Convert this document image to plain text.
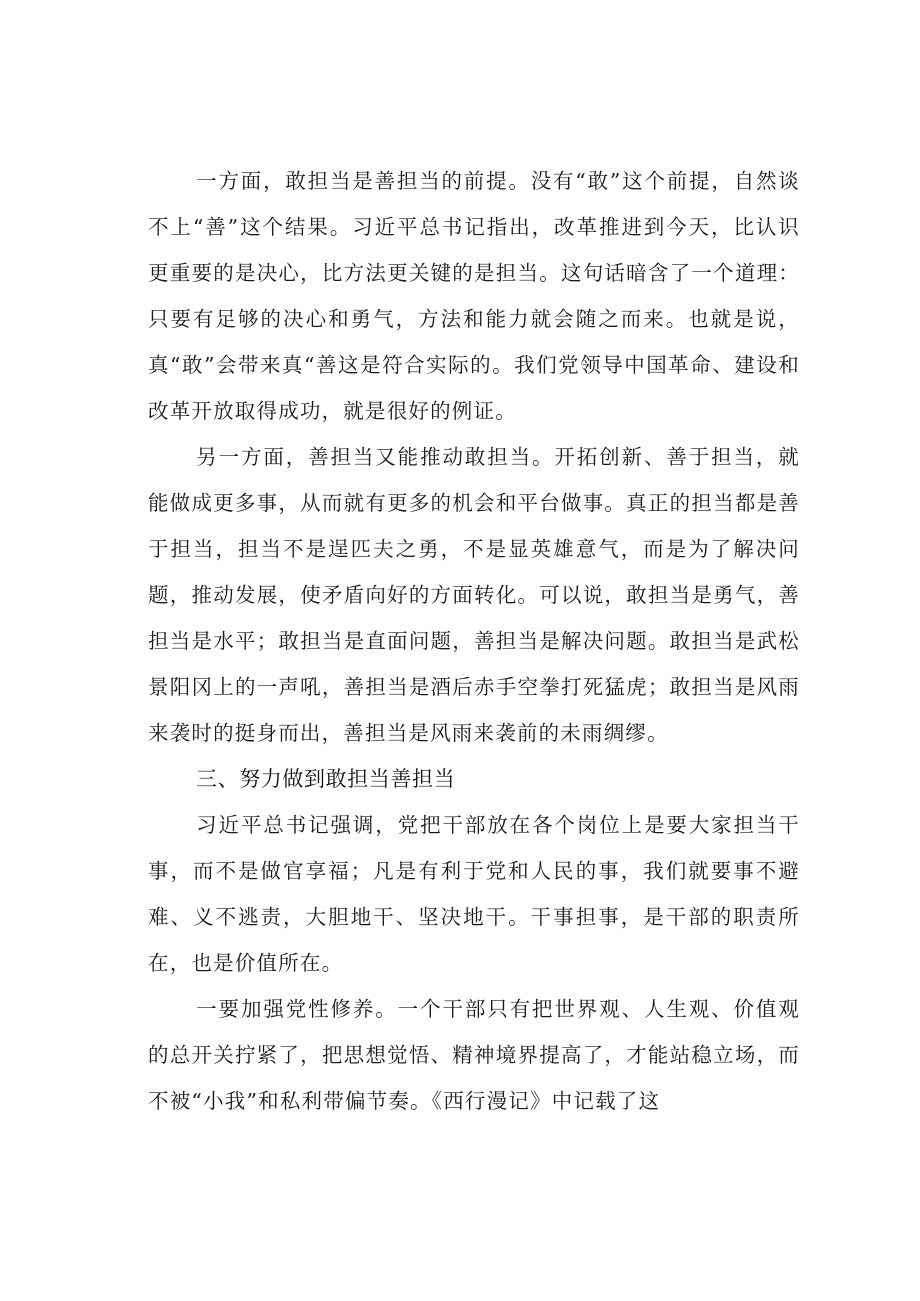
一方面，敢担当是善担当的前提。没有“敢”这个前提，自然谈不上“善”这个结果。习近平总书记指出，改革推进到今天，比认识更重要的是决心，比方法更关键的是担当。这句话暗含了一个道理：只要有足够的决心和勇气，方法和能力就会随之而来。也就是说，真“敢”会带来真“善这是符合实际的。我们党领导中国革命、建设和改革开放取得成功，就是很好的例证。

另一方面，善担当又能推动敢担当。开拓创新、善于担当，就能做成更多事，从而就有更多的机会和平台做事。真正的担当都是善于担当，担当不是逞匹夫之勇，不是显英雄意气，而是为了解决问题，推动发展，使矛盾向好的方面转化。可以说，敢担当是勇气，善担当是水平；敢担当是直面问题，善担当是解决问题。敢担当是武松景阳冈上的一声吼，善担当是酒后赤手空拳打死猛虎；敢担当是风雨来袭时的挺身而出，善担当是风雨来袭前的未雨绸缪。

三、努力做到敢担当善担当

习近平总书记强调，党把干部放在各个岗位上是要大家担当干事，而不是做官享福；凡是有利于党和人民的事，我们就要事不避难、义不逃责，大胆地干、坚决地干。干事担事，是干部的职责所在，也是价值所在。

一要加强党性修养。一个干部只有把世界观、人生观、价值观的总开关拧紧了，把思想觉悟、精神境界提高了，才能站稳立场，而不被“小我”和私利带偏节奏。《西行漫记》中记载了这
